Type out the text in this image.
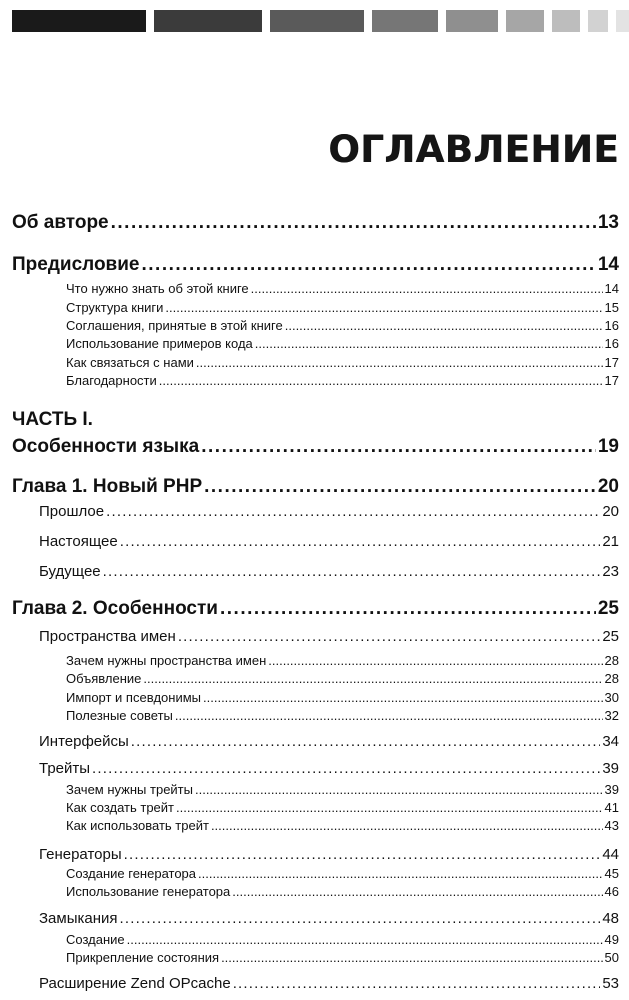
ОГЛАВЛЕНИЕ
Об авторе .....	13
Предисловие .....	14
Что нужно знать об этой книге .....	14
Структура книги .....	15
Соглашения, принятые в этой книге .....	16
Использование примеров кода .....	16
Как связаться с нами .....	17
Благодарности .....	17
ЧАСТЬ I.
Особенности языка .....	19
Глава 1. Новый PHP .....	20
Прошлое .....	20
Настоящее .....	21
Будущее .....	23
Глава 2. Особенности .....	25
Пространства имен .....	25
Зачем нужны пространства имен .....	28
Объявление .....	28
Импорт и псевдонимы .....	30
Полезные советы .....	32
Интерфейсы .....	34
Трейты .....	39
Зачем нужны трейты .....	39
Как создать трейт .....	41
Как использовать трейт .....	43
Генераторы .....	44
Создание генератора .....	45
Использование генератора .....	46
Замыкания .....	48
Создание .....	49
Прикрепление состояния .....	50
Расширение Zend OPcache .....	53
